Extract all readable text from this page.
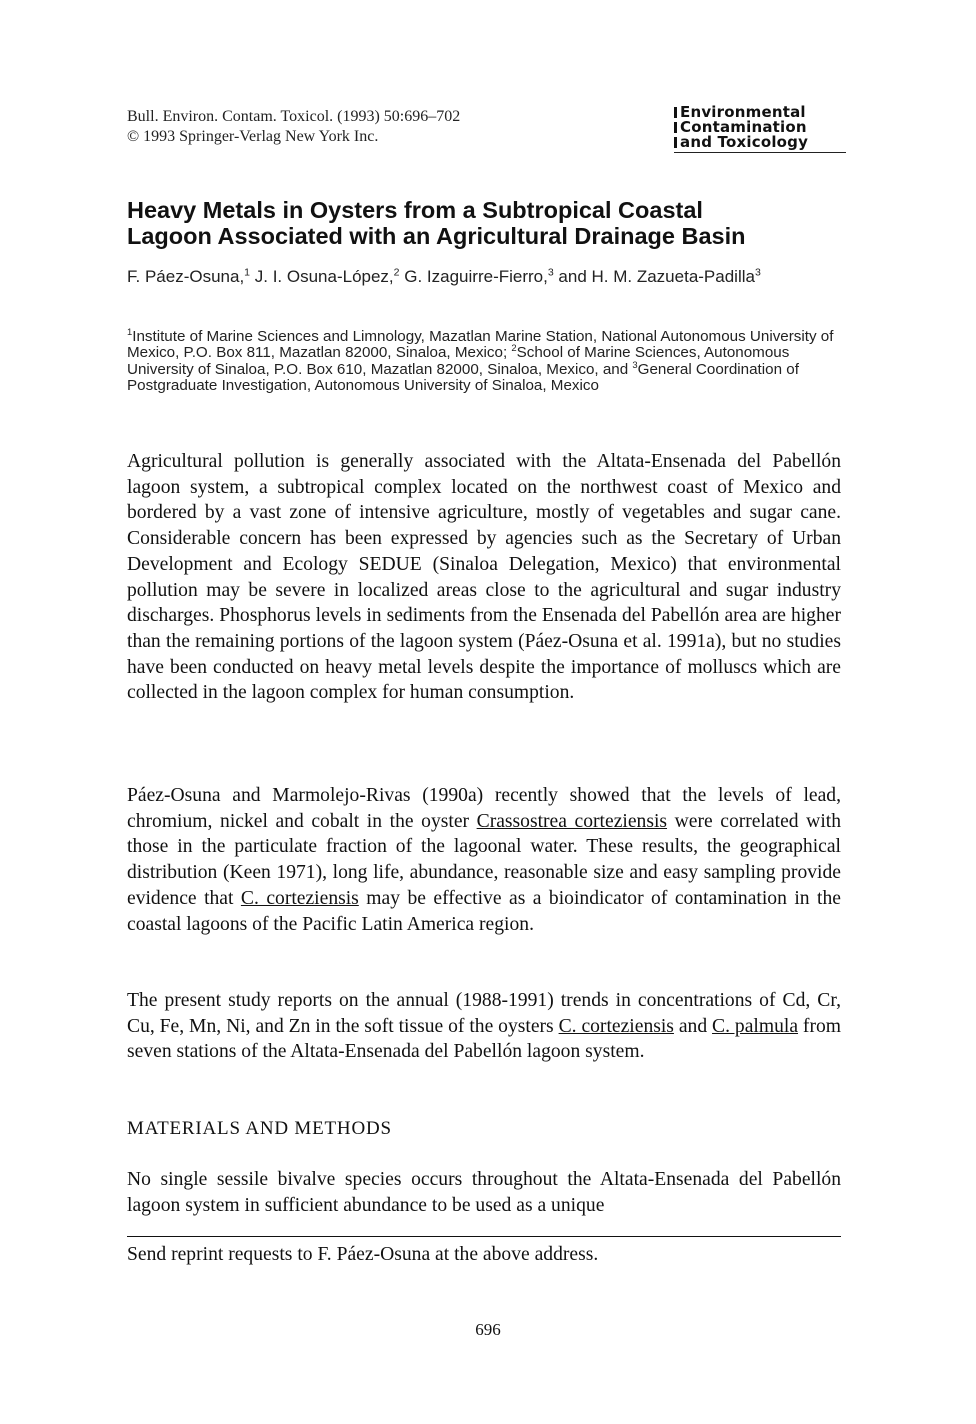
Bull. Environ. Contam. Toxicol. (1993) 50:696–702
© 1993 Springer-Verlag New York Inc.
Environmental
Contamination
and Toxicology
Heavy Metals in Oysters from a Subtropical Coastal
Lagoon Associated with an Agricultural Drainage Basin
F. Páez-Osuna,$^1$ J. I. Osuna-López,$^2$ G. Izaguirre-Fierro,$^3$ and H. M. Zazueta-Padilla$^3$
$^1$Institute of Marine Sciences and Limnology, Mazatlan Marine Station, National Autonomous University of Mexico, P.O. Box 811, Mazatlan 82000, Sinaloa, Mexico; $^2$School of Marine Sciences, Autonomous University of Sinaloa, P.O. Box 610, Mazatlan 82000, Sinaloa, Mexico, and $^3$General Coordination of Postgraduate Investigation, Autonomous University of Sinaloa, Mexico

Agricultural pollution is generally associated with the Altata-Ensenada del Pabellón lagoon system, a subtropical complex located on the northwest coast of Mexico and bordered by a vast zone of intensive agriculture, mostly of vegetables and sugar cane. Considerable concern has been expressed by agencies such as the Secretary of Urban Development and Ecology SEDUE (Sinaloa Delegation, Mexico) that environmental pollution may be severe in localized areas close to the agricultural and sugar industry discharges. Phosphorus levels in sediments from the Ensenada del Pabellón area are higher than the remaining portions of the lagoon system (Páez-Osuna et al. 1991a), but no studies have been conducted on heavy metal levels despite the importance of molluscs which are collected in the lagoon complex for human consumption.

Páez-Osuna and Marmolejo-Rivas (1990a) recently showed that the levels of lead, chromium, nickel and cobalt in the oyster Crassostrea corteziensis were correlated with those in the particulate fraction of the lagoonal water. These results, the geographical distribution (Keen 1971), long life, abundance, reasonable size and easy sampling provide evidence that C. corteziensis may be effective as a bioindicator of contamination in the coastal lagoons of the Pacific Latin America region.

The present study reports on the annual (1988-1991) trends in concentrations of Cd, Cr, Cu, Fe, Mn, Ni, and Zn in the soft tissue of the oysters C. corteziensis and C. palmula from seven stations of the Altata-Ensenada del Pabellón lagoon system.

MATERIALS AND METHODS

No single sessile bivalve species occurs throughout the Altata-Ensenada del Pabellón lagoon system in sufficient abundance to be used as a unique

Send reprint requests to F. Páez-Osuna at the above address.
696
